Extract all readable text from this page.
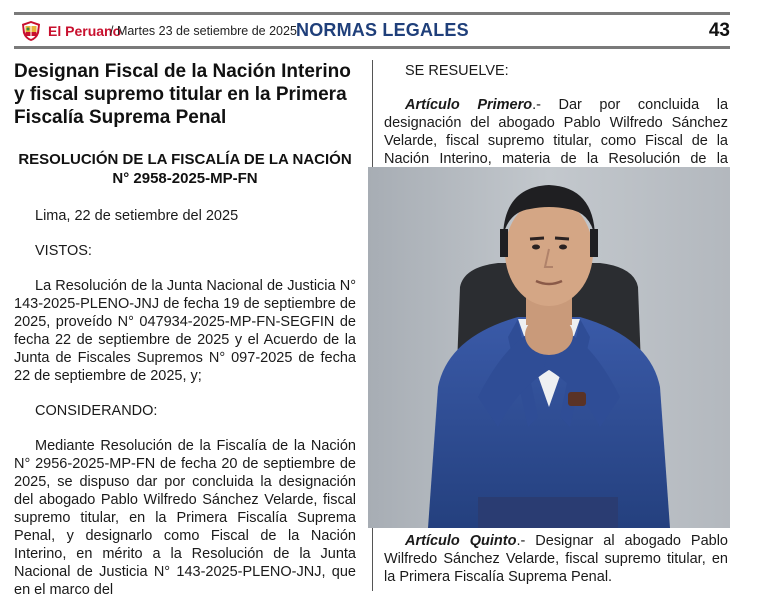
El Peruano
/ Martes 23 de setiembre de 2025 NORMAS LEGALES	43
Designan Fiscal de la Nación Interino y fiscal supremo titular en la Primera Fiscalía Suprema Penal
RESOLUCIÓN DE LA FISCALÍA DE LA NACIÓN
N° 2958-2025-MP-FN

Lima, 22 de setiembre del 2025

VISTOS:

La Resolución de la Junta Nacional de Justicia N° 143-2025-PLENO-JNJ de fecha 19 de septiembre de 2025, proveído N° 047934-2025-MP-FN-SEGFIN de fecha 22 de septiembre de 2025 y el Acuerdo de la Junta de Fiscales Supremos N° 097-2025 de fecha 22 de septiembre de 2025, y;

CONSIDERANDO:

Mediante Resolución de la Fiscalía de la Nación N° 2956-2025-MP-FN de fecha 20 de septiembre de 2025, se dispuso dar por concluida la designación del abogado Pablo Wilfredo Sánchez Velarde, fiscal supremo titular, en la Primera Fiscalía Suprema Penal, y designarlo como Fiscal de la Nación Interino, en mérito a la Resolución de la Junta Nacional de Justicia N° 143-2025-PLENO-JNJ, que en el marco del

SE RESUELVE:

Artículo Primero.- Dar por concluida la designación del abogado Pablo Wilfredo Sánchez Velarde, fiscal supremo titular, como Fiscal de la Nación Interino, materia de la Resolución de la

Artículo Quinto.- Designar al abogado Pablo Wilfredo Sánchez Velarde, fiscal supremo titular, en la Primera Fiscalía Suprema Penal.
